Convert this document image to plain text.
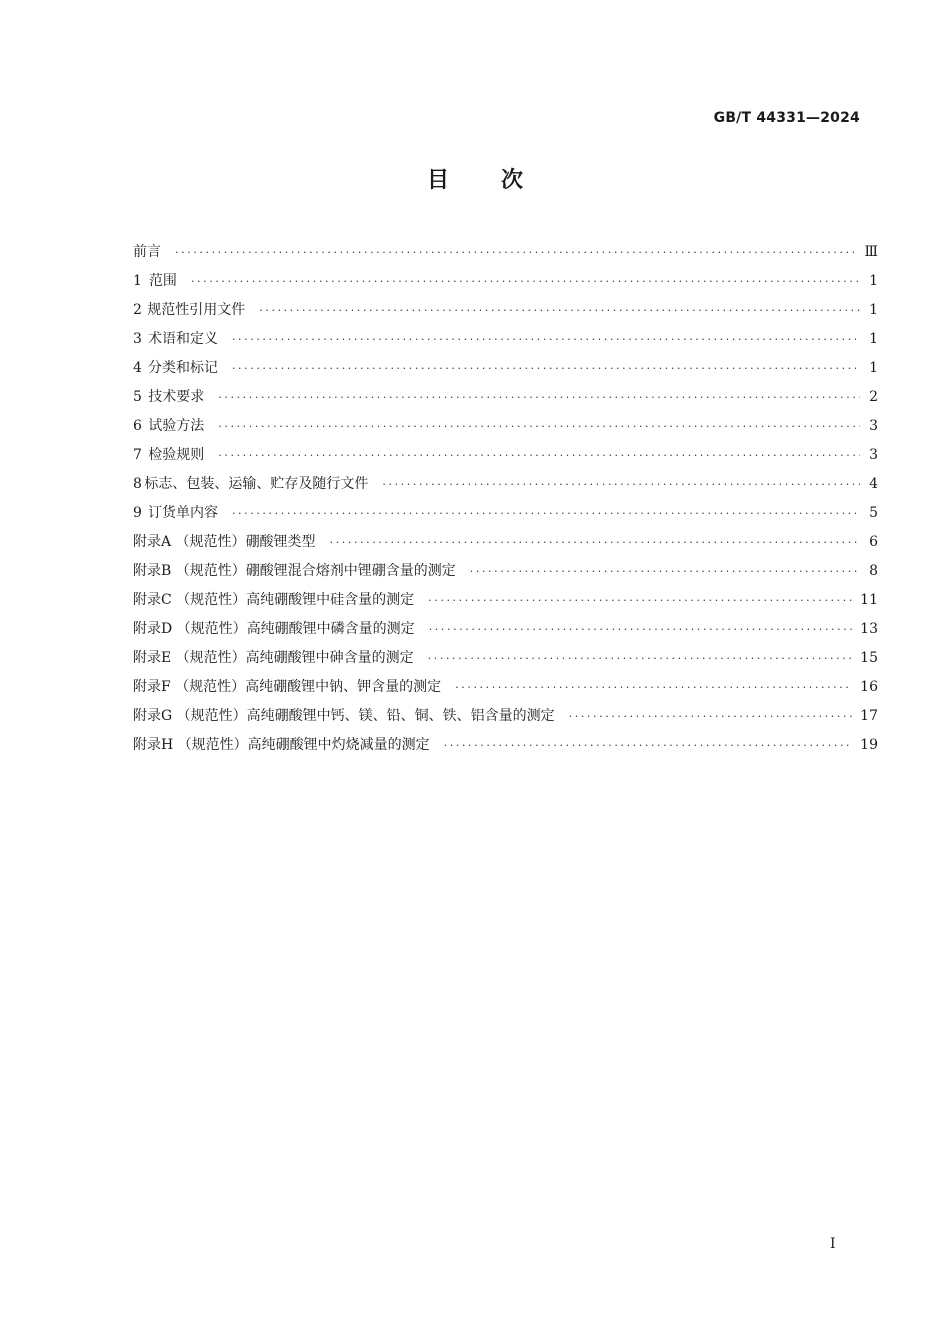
GB/T 44331—2024
目次
前言 ·····	Ⅲ
1 范围 ·····	1
2 规范性引用文件 ·····	1
3 术语和定义 ·····	1
4 分类和标记 ·····	1
5 技术要求 ·····	2
6 试验方法 ·····	3
7 检验规则 ·····	3
8 标志、包装、运输、贮存及随行文件 ·····	4
9 订货单内容 ·····	5
附录A （规范性） 硼酸锂类型 ·····	6
附录B （规范性） 硼酸锂混合熔剂中锂硼含量的测定 ·····	8
附录C （规范性） 高纯硼酸锂中硅含量的测定 ·····	11
附录D （规范性） 高纯硼酸锂中磷含量的测定 ·····	13
附录E （规范性） 高纯硼酸锂中砷含量的测定 ·····	15
附录F （规范性） 高纯硼酸锂中钠、钾含量的测定 ·····	16
附录G （规范性） 高纯硼酸锂中钙、镁、铅、铜、铁、铝含量的测定 ·····	17
附录H （规范性） 高纯硼酸锂中灼烧减量的测定 ·····	19
Ⅰ
